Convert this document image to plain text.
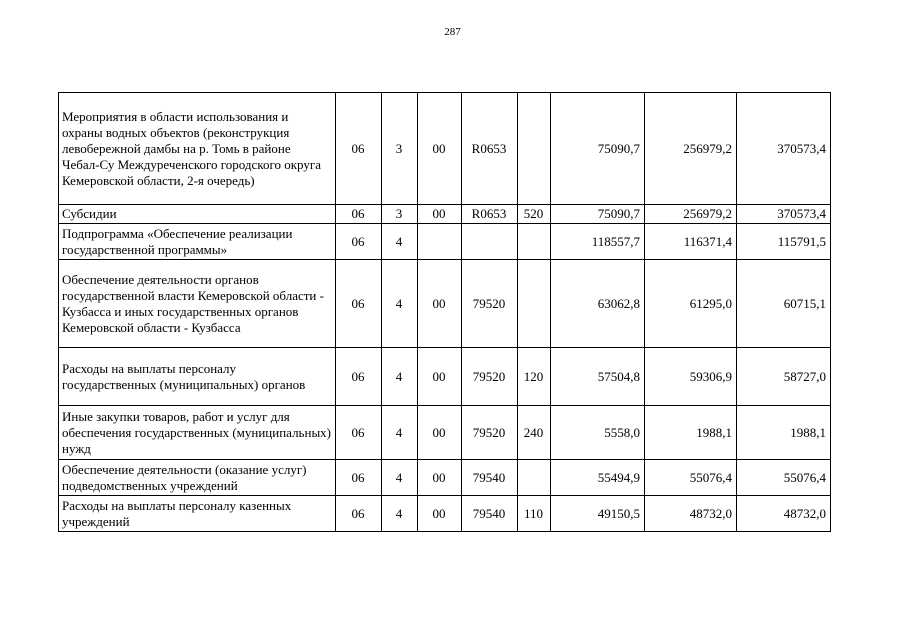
287
Мероприятия в области использования и охраны водных объектов (реконструкция левобережной дамбы на р. Томь в районе Чебал-Су Междуреченского городского округа Кемеровской области, 2-я очередь)	06	3	00	R0653		75090,7	256979,2	370573,4
Субсидии	06	3	00	R0653	520	75090,7	256979,2	370573,4
Подпрограмма «Обеспечение реализации государственной программы»	06	4				118557,7	116371,4	115791,5
Обеспечение деятельности органов государственной власти Кемеровской области - Кузбасса и иных государственных органов Кемеровской области - Кузбасса	06	4	00	79520		63062,8	61295,0	60715,1
Расходы на выплаты персоналу государственных (муниципальных) органов	06	4	00	79520	120	57504,8	59306,9	58727,0
Иные закупки товаров, работ и услуг для обеспечения государственных (муниципальных) нужд	06	4	00	79520	240	5558,0	1988,1	1988,1
Обеспечение деятельности (оказание услуг) подведомственных учреждений	06	4	00	79540		55494,9	55076,4	55076,4
Расходы на выплаты персоналу казенных учреждений	06	4	00	79540	110	49150,5	48732,0	48732,0
